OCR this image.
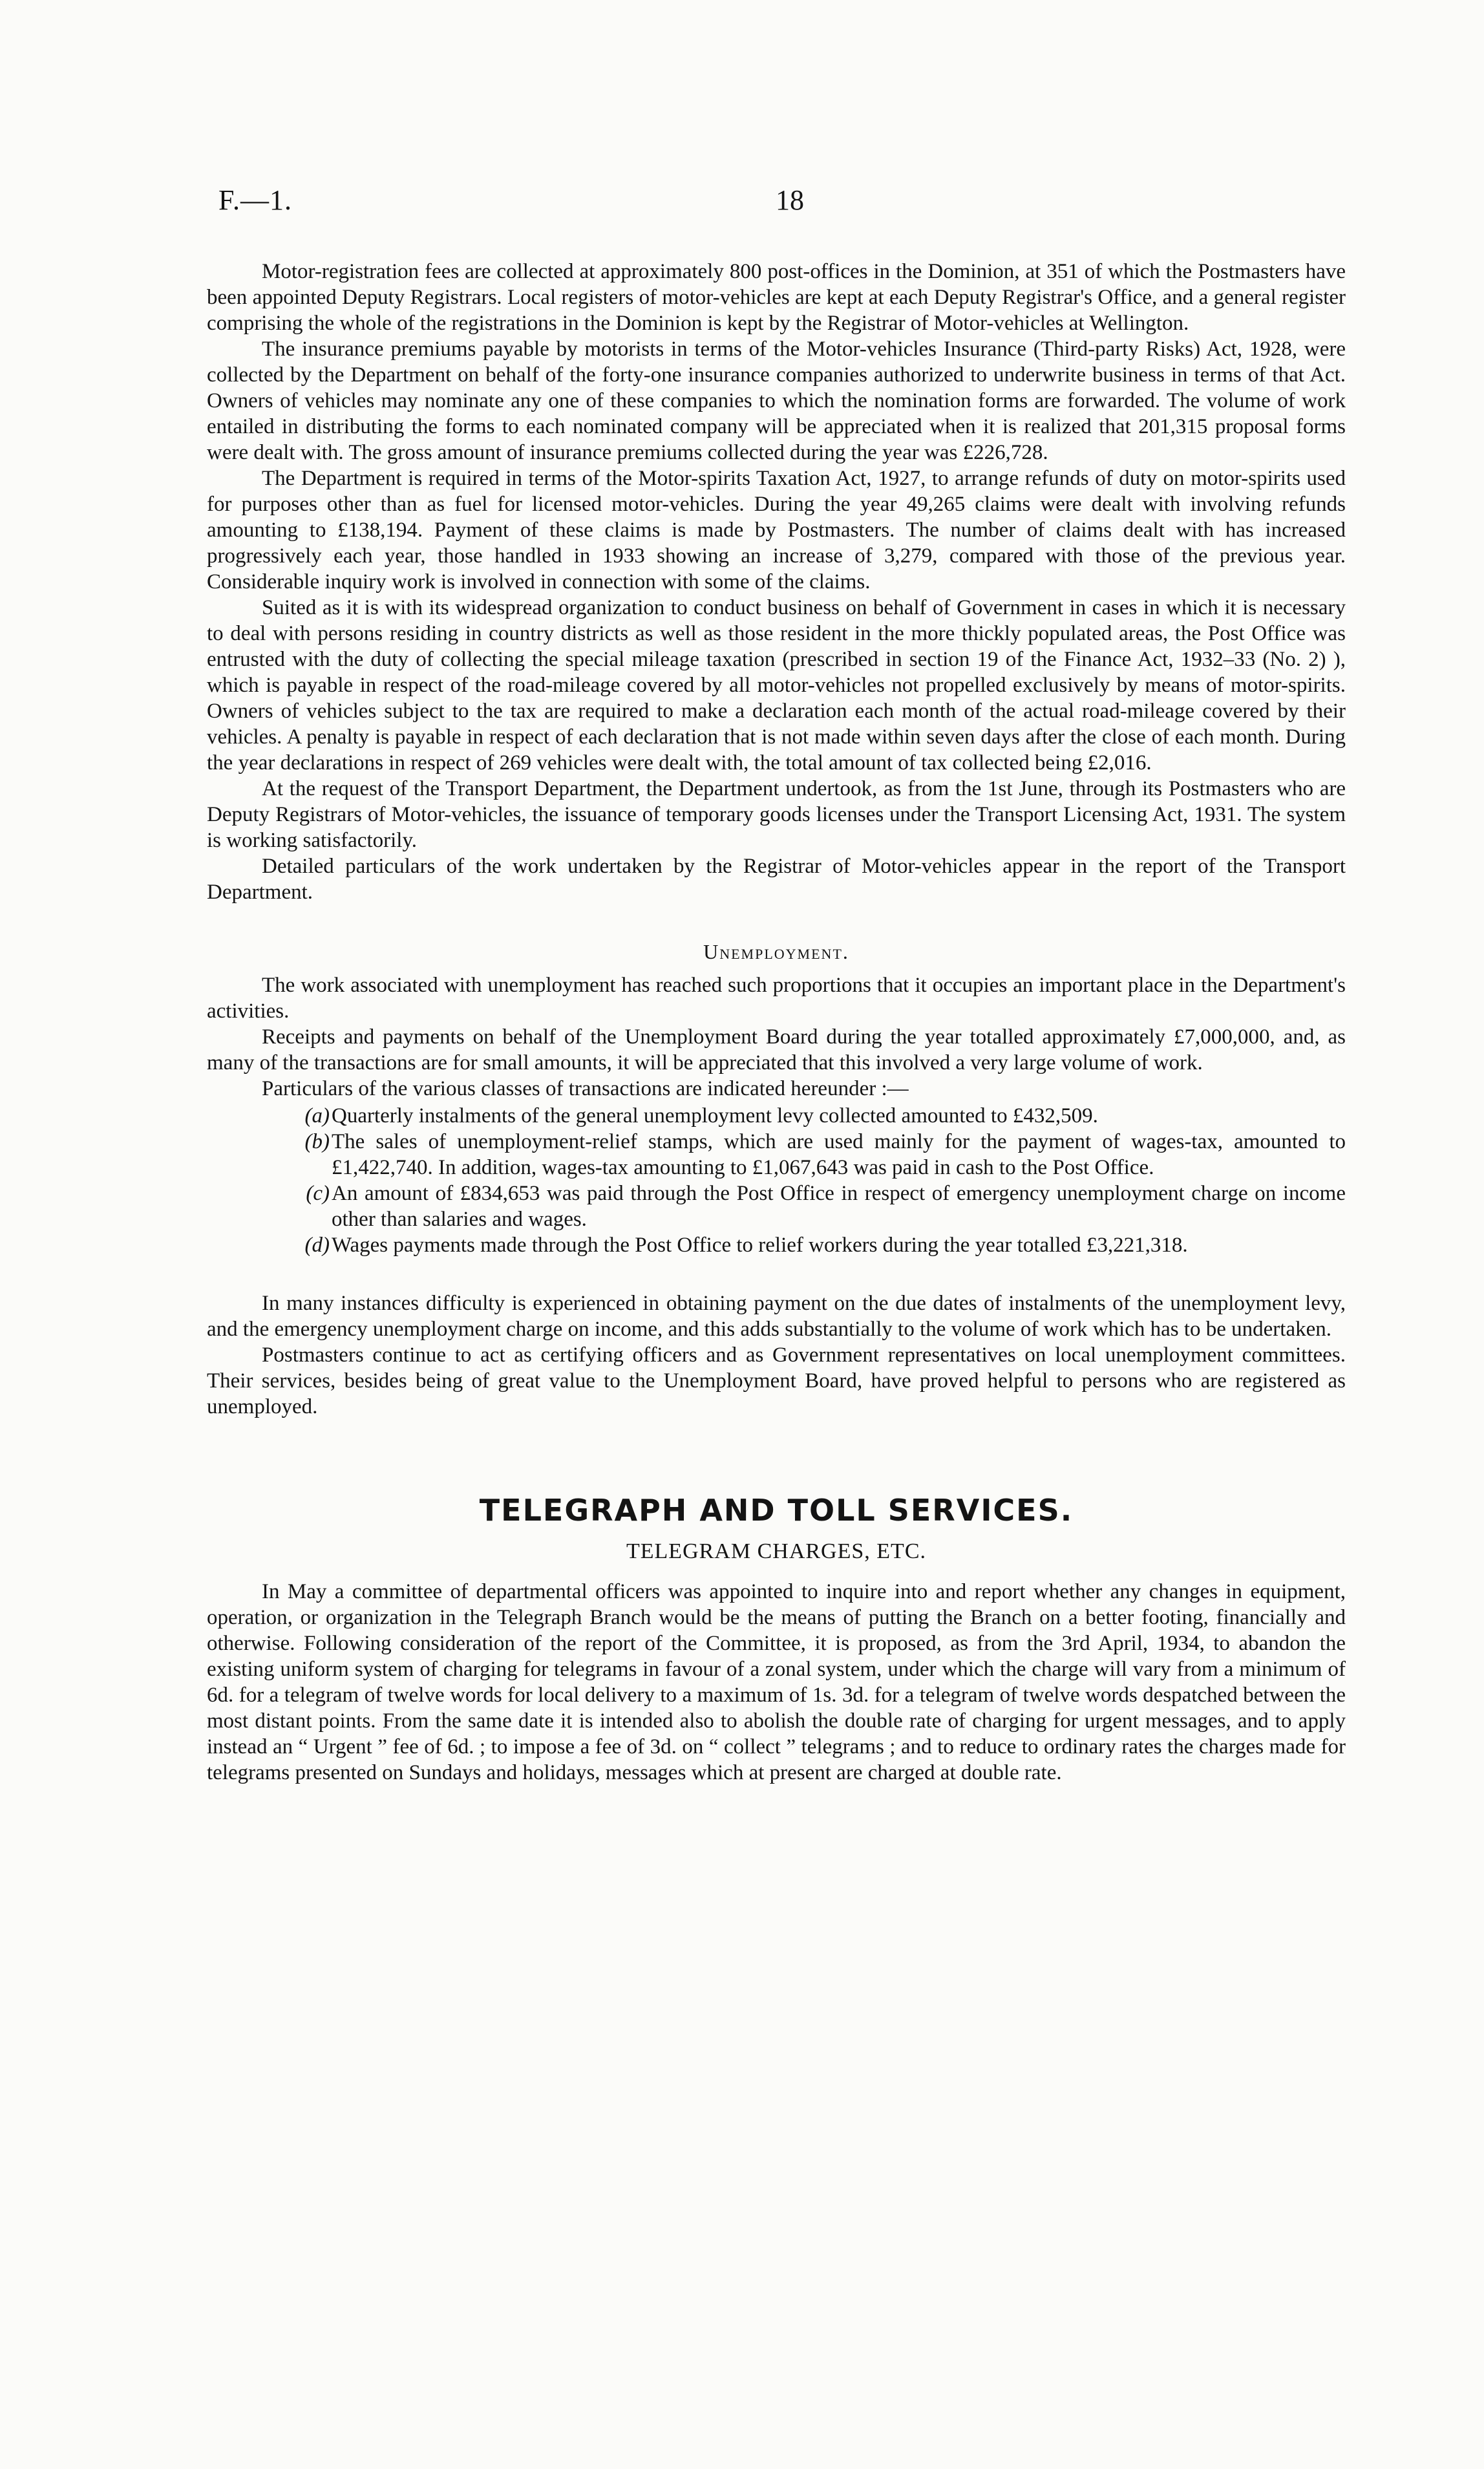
F.—1.	18

Motor-registration fees are collected at approximately 800 post-offices in the Dominion, at 351 of which the Postmasters have been appointed Deputy Registrars. Local registers of motor-vehicles are kept at each Deputy Registrar's Office, and a general register comprising the whole of the registrations in the Dominion is kept by the Registrar of Motor-vehicles at Wellington.

The insurance premiums payable by motorists in terms of the Motor-vehicles Insurance (Third-party Risks) Act, 1928, were collected by the Department on behalf of the forty-one insurance companies authorized to underwrite business in terms of that Act. Owners of vehicles may nominate any one of these companies to which the nomination forms are forwarded. The volume of work entailed in distributing the forms to each nominated company will be appreciated when it is realized that 201,315 proposal forms were dealt with. The gross amount of insurance premiums collected during the year was £226,728.

The Department is required in terms of the Motor-spirits Taxation Act, 1927, to arrange refunds of duty on motor-spirits used for purposes other than as fuel for licensed motor-vehicles. During the year 49,265 claims were dealt with involving refunds amounting to £138,194. Payment of these claims is made by Postmasters. The number of claims dealt with has increased progressively each year, those handled in 1933 showing an increase of 3,279, compared with those of the previous year. Considerable inquiry work is involved in connection with some of the claims.

Suited as it is with its widespread organization to conduct business on behalf of Government in cases in which it is necessary to deal with persons residing in country districts as well as those resident in the more thickly populated areas, the Post Office was entrusted with the duty of collecting the special mileage taxation (prescribed in section 19 of the Finance Act, 1932–33 (No. 2) ), which is payable in respect of the road-mileage covered by all motor-vehicles not propelled exclusively by means of motor-spirits. Owners of vehicles subject to the tax are required to make a declaration each month of the actual road-mileage covered by their vehicles. A penalty is payable in respect of each declaration that is not made within seven days after the close of each month. During the year declarations in respect of 269 vehicles were dealt with, the total amount of tax collected being £2,016.

At the request of the Transport Department, the Department undertook, as from the 1st June, through its Postmasters who are Deputy Registrars of Motor-vehicles, the issuance of temporary goods licenses under the Transport Licensing Act, 1931. The system is working satisfactorily.

Detailed particulars of the work undertaken by the Registrar of Motor-vehicles appear in the report of the Transport Department.

Unemployment.

The work associated with unemployment has reached such proportions that it occupies an important place in the Department's activities.

Receipts and payments on behalf of the Unemployment Board during the year totalled approximately £7,000,000, and, as many of the transactions are for small amounts, it will be appreciated that this involved a very large volume of work.

Particulars of the various classes of transactions are indicated hereunder :—

(a) Quarterly instalments of the general unemployment levy collected amounted to £432,509.
(b) The sales of unemployment-relief stamps, which are used mainly for the payment of wages-tax, amounted to £1,422,740. In addition, wages-tax amounting to £1,067,643 was paid in cash to the Post Office.
(c) An amount of £834,653 was paid through the Post Office in respect of emergency unemployment charge on income other than salaries and wages.
(d) Wages payments made through the Post Office to relief workers during the year totalled £3,221,318.

In many instances difficulty is experienced in obtaining payment on the due dates of instalments of the unemployment levy, and the emergency unemployment charge on income, and this adds substantially to the volume of work which has to be undertaken.

Postmasters continue to act as certifying officers and as Government representatives on local unemployment committees. Their services, besides being of great value to the Unemployment Board, have proved helpful to persons who are registered as unemployed.

TELEGRAPH AND TOLL SERVICES.
TELEGRAM CHARGES, ETC.

In May a committee of departmental officers was appointed to inquire into and report whether any changes in equipment, operation, or organization in the Telegraph Branch would be the means of putting the Branch on a better footing, financially and otherwise. Following consideration of the report of the Committee, it is proposed, as from the 3rd April, 1934, to abandon the existing uniform system of charging for telegrams in favour of a zonal system, under which the charge will vary from a minimum of 6d. for a telegram of twelve words for local delivery to a maximum of 1s. 3d. for a telegram of twelve words despatched between the most distant points. From the same date it is intended also to abolish the double rate of charging for urgent messages, and to apply instead an “ Urgent ” fee of 6d. ; to impose a fee of 3d. on “ collect ” telegrams ; and to reduce to ordinary rates the charges made for telegrams presented on Sundays and holidays, messages which at present are charged at double rate.
